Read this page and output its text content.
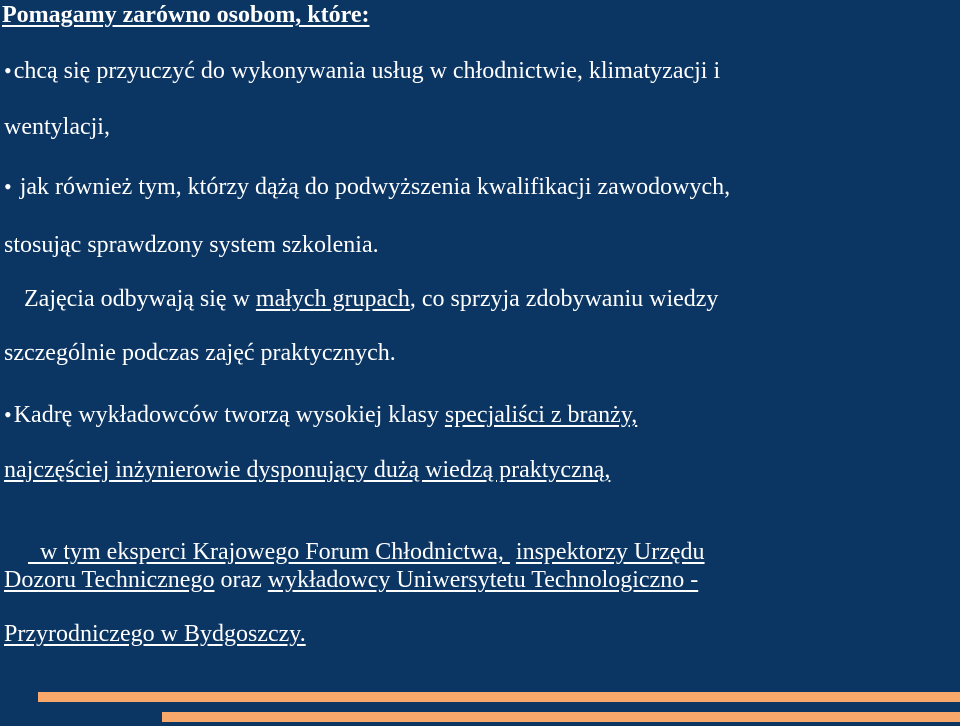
Pomagamy zarówno osobom, które:
•chcą się przyuczyć do wykonywania usług w chłodnictwie, klimatyzacji i
wentylacji,
• jak również tym, którzy dążą do podwyższenia kwalifikacji zawodowych,
stosując sprawdzony system szkolenia.
Zajęcia odbywają się w małych grupach, co sprzyja zdobywaniu wiedzy
szczególnie podczas zajęć praktycznych.
•Kadrę wykładowców tworzą wysokiej klasy specjaliści z branży,
najczęściej inżynierowie dysponujący dużą wiedzą praktyczną,

w tym eksperci Krajowego Forum Chłodnictwa,  inspektorzy Urzędu

Dozoru Technicznego oraz wykładowcy Uniwersytetu Technologiczno -
Przyrodniczego w Bydgoszczy.
